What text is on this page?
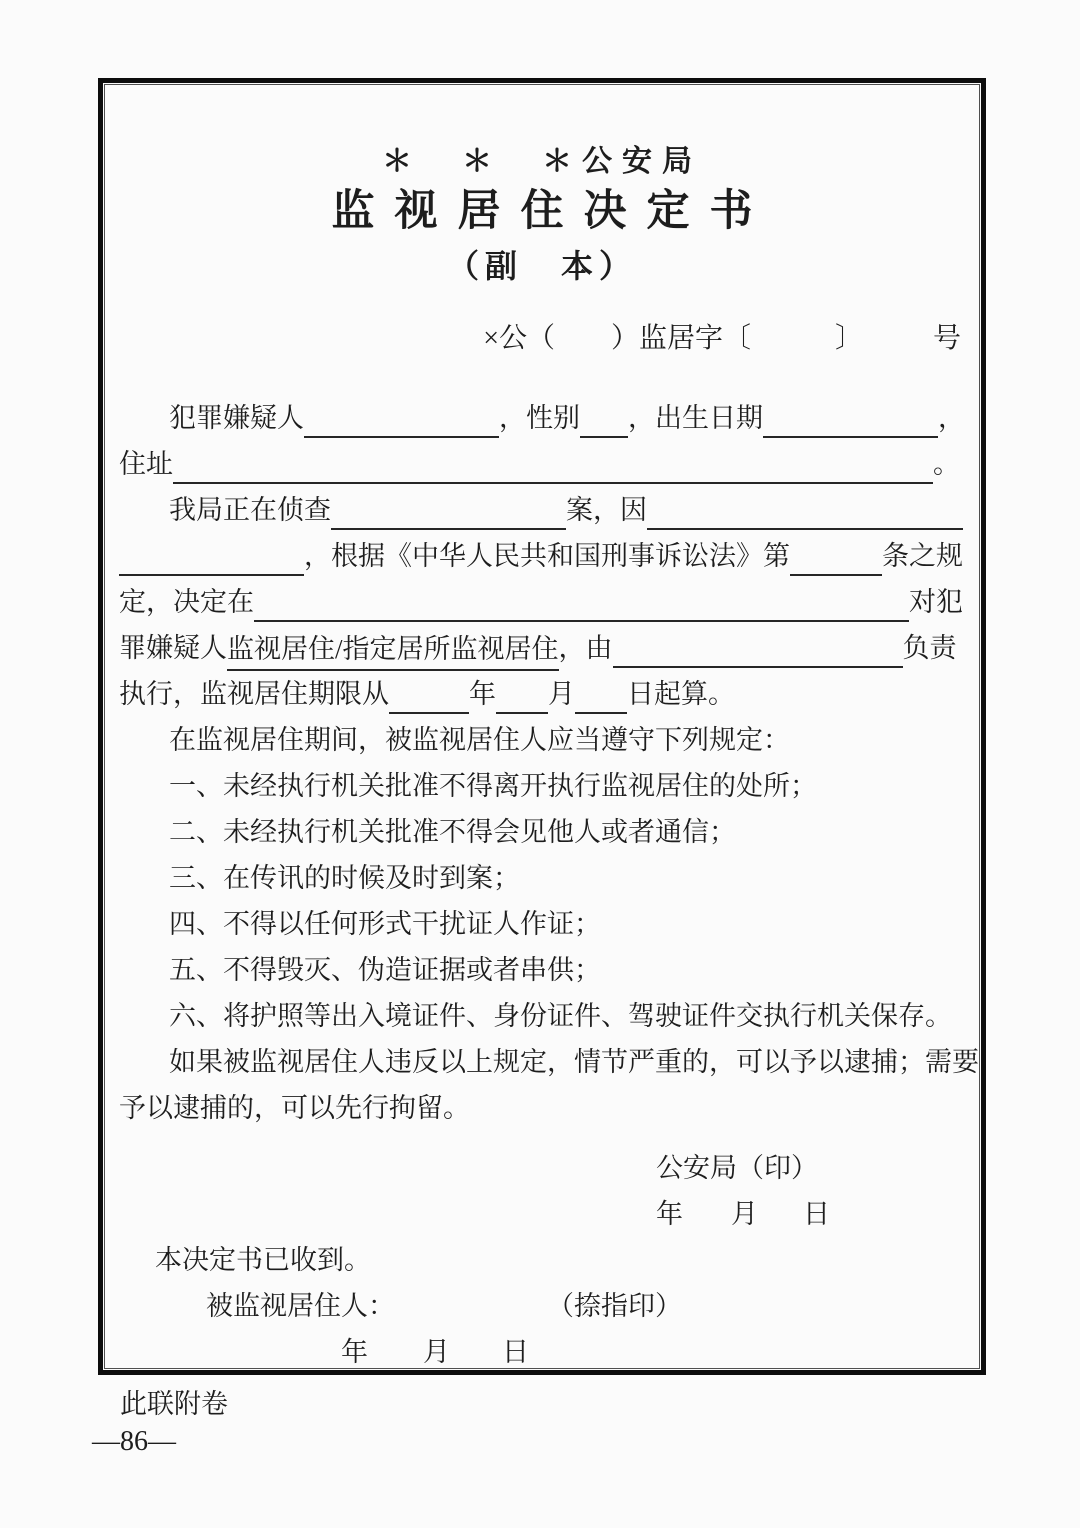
＊　＊　＊公安局
监视居住决定书
（副　本）
×公（　　）监居字〔　　　〕　　　号
犯罪嫌疑人	，性别 ，出生日期	，
住址	。
我局正在侦查	案，因
，根据《中华人民共和国刑事诉讼法》第	条之规
定，决定在	对犯
罪嫌疑人监视居住/指定居所监视居住，由	负责
执行，监视居住期限从	年 月 日起算。
在监视居住期间，被监视居住人应当遵守下列规定：
一、未经执行机关批准不得离开执行监视居住的处所；
二、未经执行机关批准不得会见他人或者通信；
三、在传讯的时候及时到案；
四、不得以任何形式干扰证人作证；
五、不得毁灭、伪造证据或者串供；
六、将护照等出入境证件、身份证件、驾驶证件交执行机关保存。
如果被监视居住人违反以上规定，情节严重的，可以予以逮捕；需要
予以逮捕的，可以先行拘留。
公安局（印）
年 月 日
本决定书已收到。
被监视居住人：	（捺指印）
年 月 日
此联附卷
—86—
